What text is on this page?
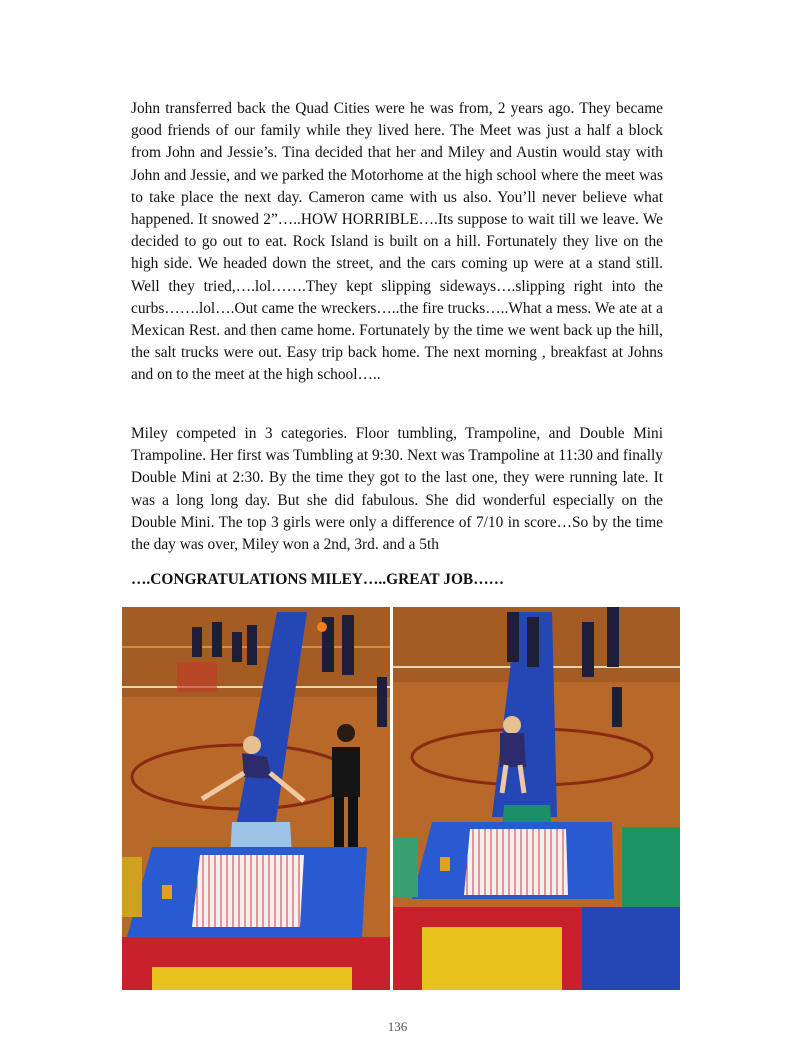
John transferred back the Quad Cities were he was from, 2 years ago. They became good friends of our family while they lived here. The Meet was just a half a block from John and Jessie’s. Tina decided that her and Miley and Austin would stay with John and Jessie, and we parked the Motorhome at the high school where the meet was to take place the next day. Cameron came with us also. You’ll never believe what happened. It snowed 2”…..HOW HORRIBLE….Its suppose to wait till we leave. We decided to go out to eat. Rock Island is built on a hill. Fortunately they live on the high side. We headed down the street, and the cars coming up were at a stand still. Well they tried,….lol…….They kept slipping sideways….slipping right into the curbs…….lol….Out came the wreckers…..the fire trucks…..What a mess. We ate at a Mexican Rest. and then came home. Fortunately by the time we went back up the hill, the salt trucks were out. Easy trip back home. The next morning , breakfast at Johns and on to the meet at the high school…..

Miley competed in 3 categories. Floor tumbling, Trampoline, and Double Mini Trampoline. Her first was Tumbling at 9:30. Next was Trampoline at 11:30 and finally Double Mini at 2:30. By the time they got to the last one, they were running late. It was a long long day. But she did fabulous. She did wonderful especially on the Double Mini. The top 3 girls were only a difference of 7/10 in score…So by the time the day was over, Miley won a 2nd, 3rd. and a 5th

….CONGRATULATIONS MILEY…..GREAT JOB……

136
